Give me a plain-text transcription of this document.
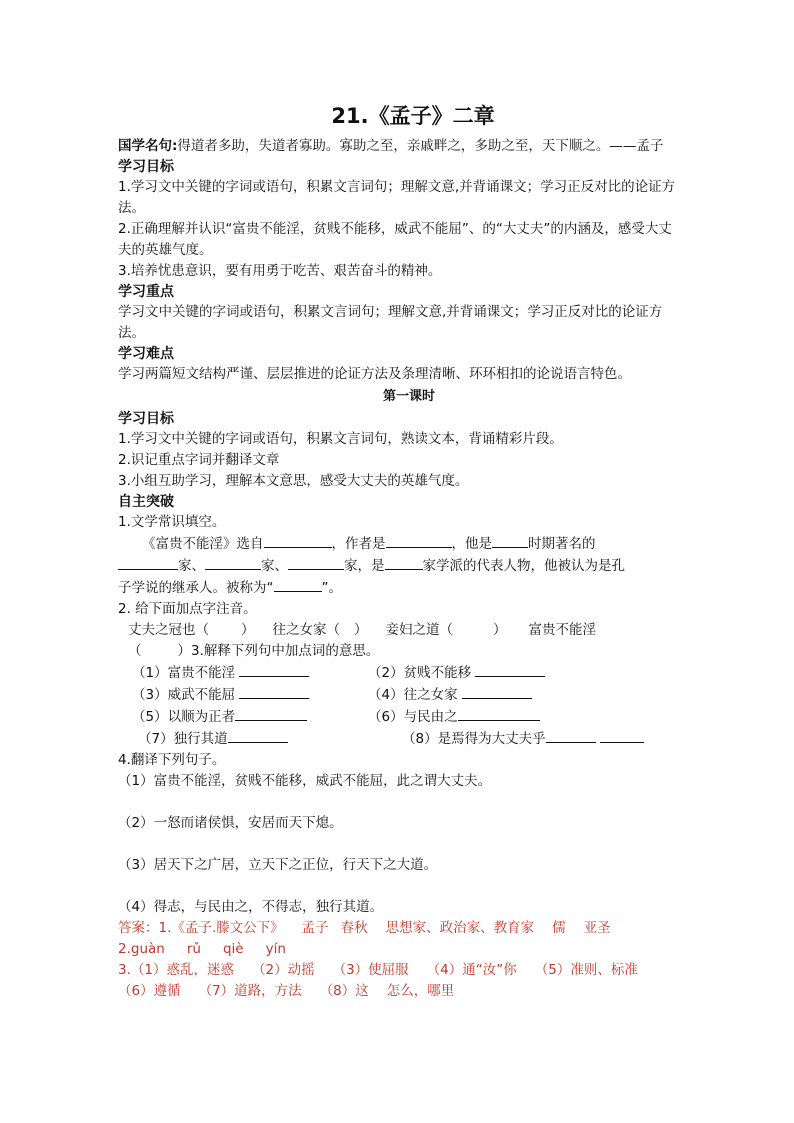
21.《孟子》二章

国学名句:得道者多助，失道者寡助。寡助之至，亲戚畔之，多助之至，天下顺之。——孟子

学习目标

1.学习文中关键的字词或语句，积累文言词句；理解文意,并背诵课文；学习正反对比的论证方法。

2.正确理解并认识“富贵不能淫，贫贱不能移，威武不能屈”、的“大丈夫”的内涵及，感受大丈夫的英雄气度。

3.培养忧患意识，要有用勇于吃苦、艰苦奋斗的精神。

学习重点

学习文中关键的字词或语句，积累文言词句；理解文意,并背诵课文；学习正反对比的论证方法。

学习难点

学习两篇短文结构严谨、层层推进的论证方法及条理清晰、环环相扣的论说语言特色。

第一课时
学习目标

1.学习文中关键的字词或语句，积累文言词句，熟读文本，背诵精彩片段。

2.识记重点字词并翻译文章

3.小组互助学习，理解本文意思，感受大丈夫的英雄气度。

自主突破

1.文学常识填空。

《富贵不能淫》选自	，作者是	，他是	时期著名的

家、	家、	家，是	家学派的代表人物，他被认为是孔

子学说的继承人。被称为“	”。

2. 给下面加点字注音。

丈夫之冠也（ ） 往之女家（ ） 妾妇之道（	） 富贵不能淫

（	）3.解释下列句中加点词的意思。

（1）富贵不能淫	（2）贫贱不能移
（3）威武不能屈	（4）往之女家
（5）以顺为正者	（6）与民由之
（7）独行其道	（8）是焉得为大丈夫乎

4.翻译下列句子。

（1）富贵不能淫，贫贱不能移，威武不能屈，此之谓大丈夫。

（2）一怒而诸侯惧，安居而天下熄。

（3）居天下之广居，立天下之正位，行天下之大道。

（4）得志，与民由之，不得志，独行其道。

答案：1.《孟子.滕文公下》 孟子 春秋 思想家、政治家、教育家 儒 亚圣

2.guàn rǔ qiè yín

3.（1）惑乱，迷惑 （2）动摇 （3）使屈服 （4）通“汝”你 （5）准则、标准

（6）遵循 （7）道路，方法 （8）这 怎么，哪里
